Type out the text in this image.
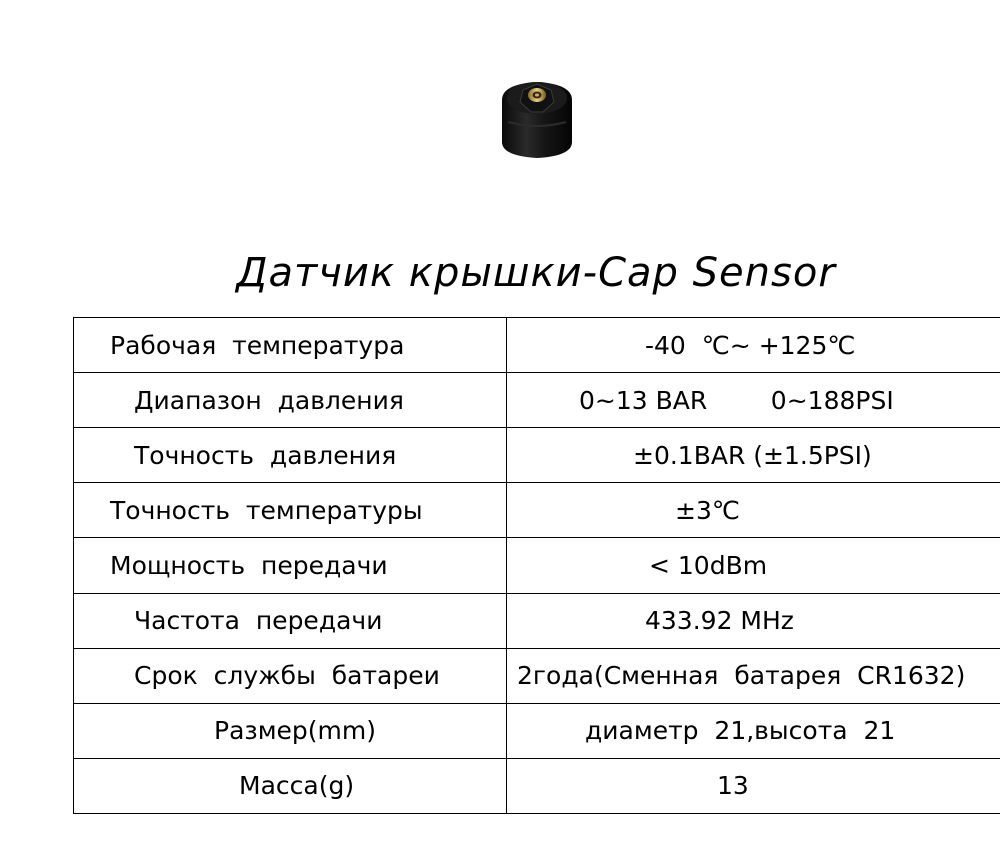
Датчик крышки-Cap Sensor
Рабочая  температура	-40  ℃~ +125℃
Диапазон  давления	0~13 BAR        0~188PSI
Точность  давления	±0.1BAR (±1.5PSI)
Точность  температуры	±3℃
Мощность  передачи	< 10dBm
Частота  передачи	433.92 MHz
Срок  службы  батареи	2года(Сменная  батарея  CR1632)
Размер(mm)	диаметр  21,высота  21
Масса(g)	13
